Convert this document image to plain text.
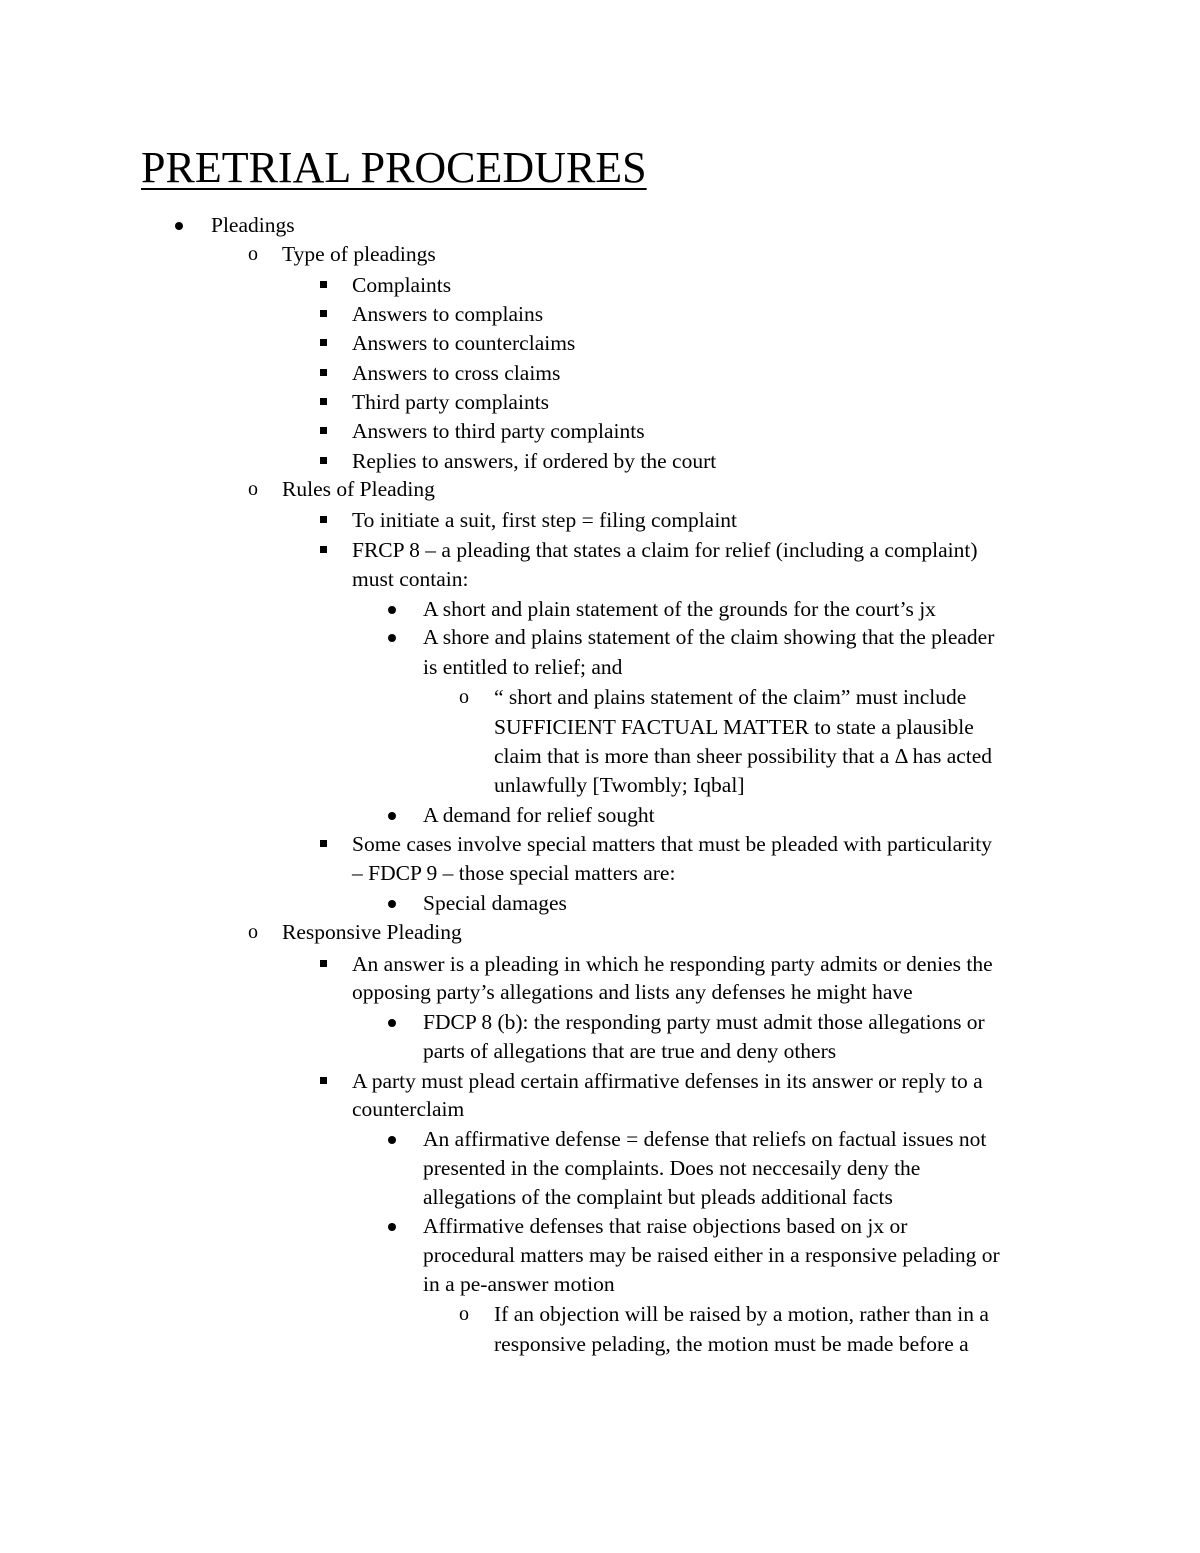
PRETRIAL PROCEDURES
Pleadings
o
Type of pleadings
Complaints
Answers to complains
Answers to counterclaims
Answers to cross claims
Third party complaints
Answers to third party complaints
Replies to answers, if ordered by the court
o
Rules of Pleading
To initiate a suit, first step = filing complaint
FRCP 8 – a pleading that states a claim for relief (including a complaint)
must contain:
A short and plain statement of the grounds for the court’s jx
A shore and plains statement of the claim showing that the pleader
is entitled to relief; and
o
“ short and plains statement of the claim” must include
SUFFICIENT FACTUAL MATTER to state a plausible
claim that is more than sheer possibility that a Δ has acted
unlawfully [Twombly; Iqbal]
A demand for relief sought
Some cases involve special matters that must be pleaded with particularity
– FDCP 9 – those special matters are:
Special damages
o
Responsive Pleading
An answer is a pleading in which he responding party admits or denies the
opposing party’s allegations and lists any defenses he might have
FDCP 8 (b): the responding party must admit those allegations or
parts of allegations that are true and deny others
A party must plead certain affirmative defenses in its answer or reply to a
counterclaim
An affirmative defense = defense that reliefs on factual issues not
presented in the complaints. Does not neccesaily deny the
allegations of the complaint but pleads additional facts
Affirmative defenses that raise objections based on jx or
procedural matters may be raised either in a responsive pelading or
in a pe-answer motion
o
If an objection will be raised by a motion, rather than in a
responsive pelading, the motion must be made before a
